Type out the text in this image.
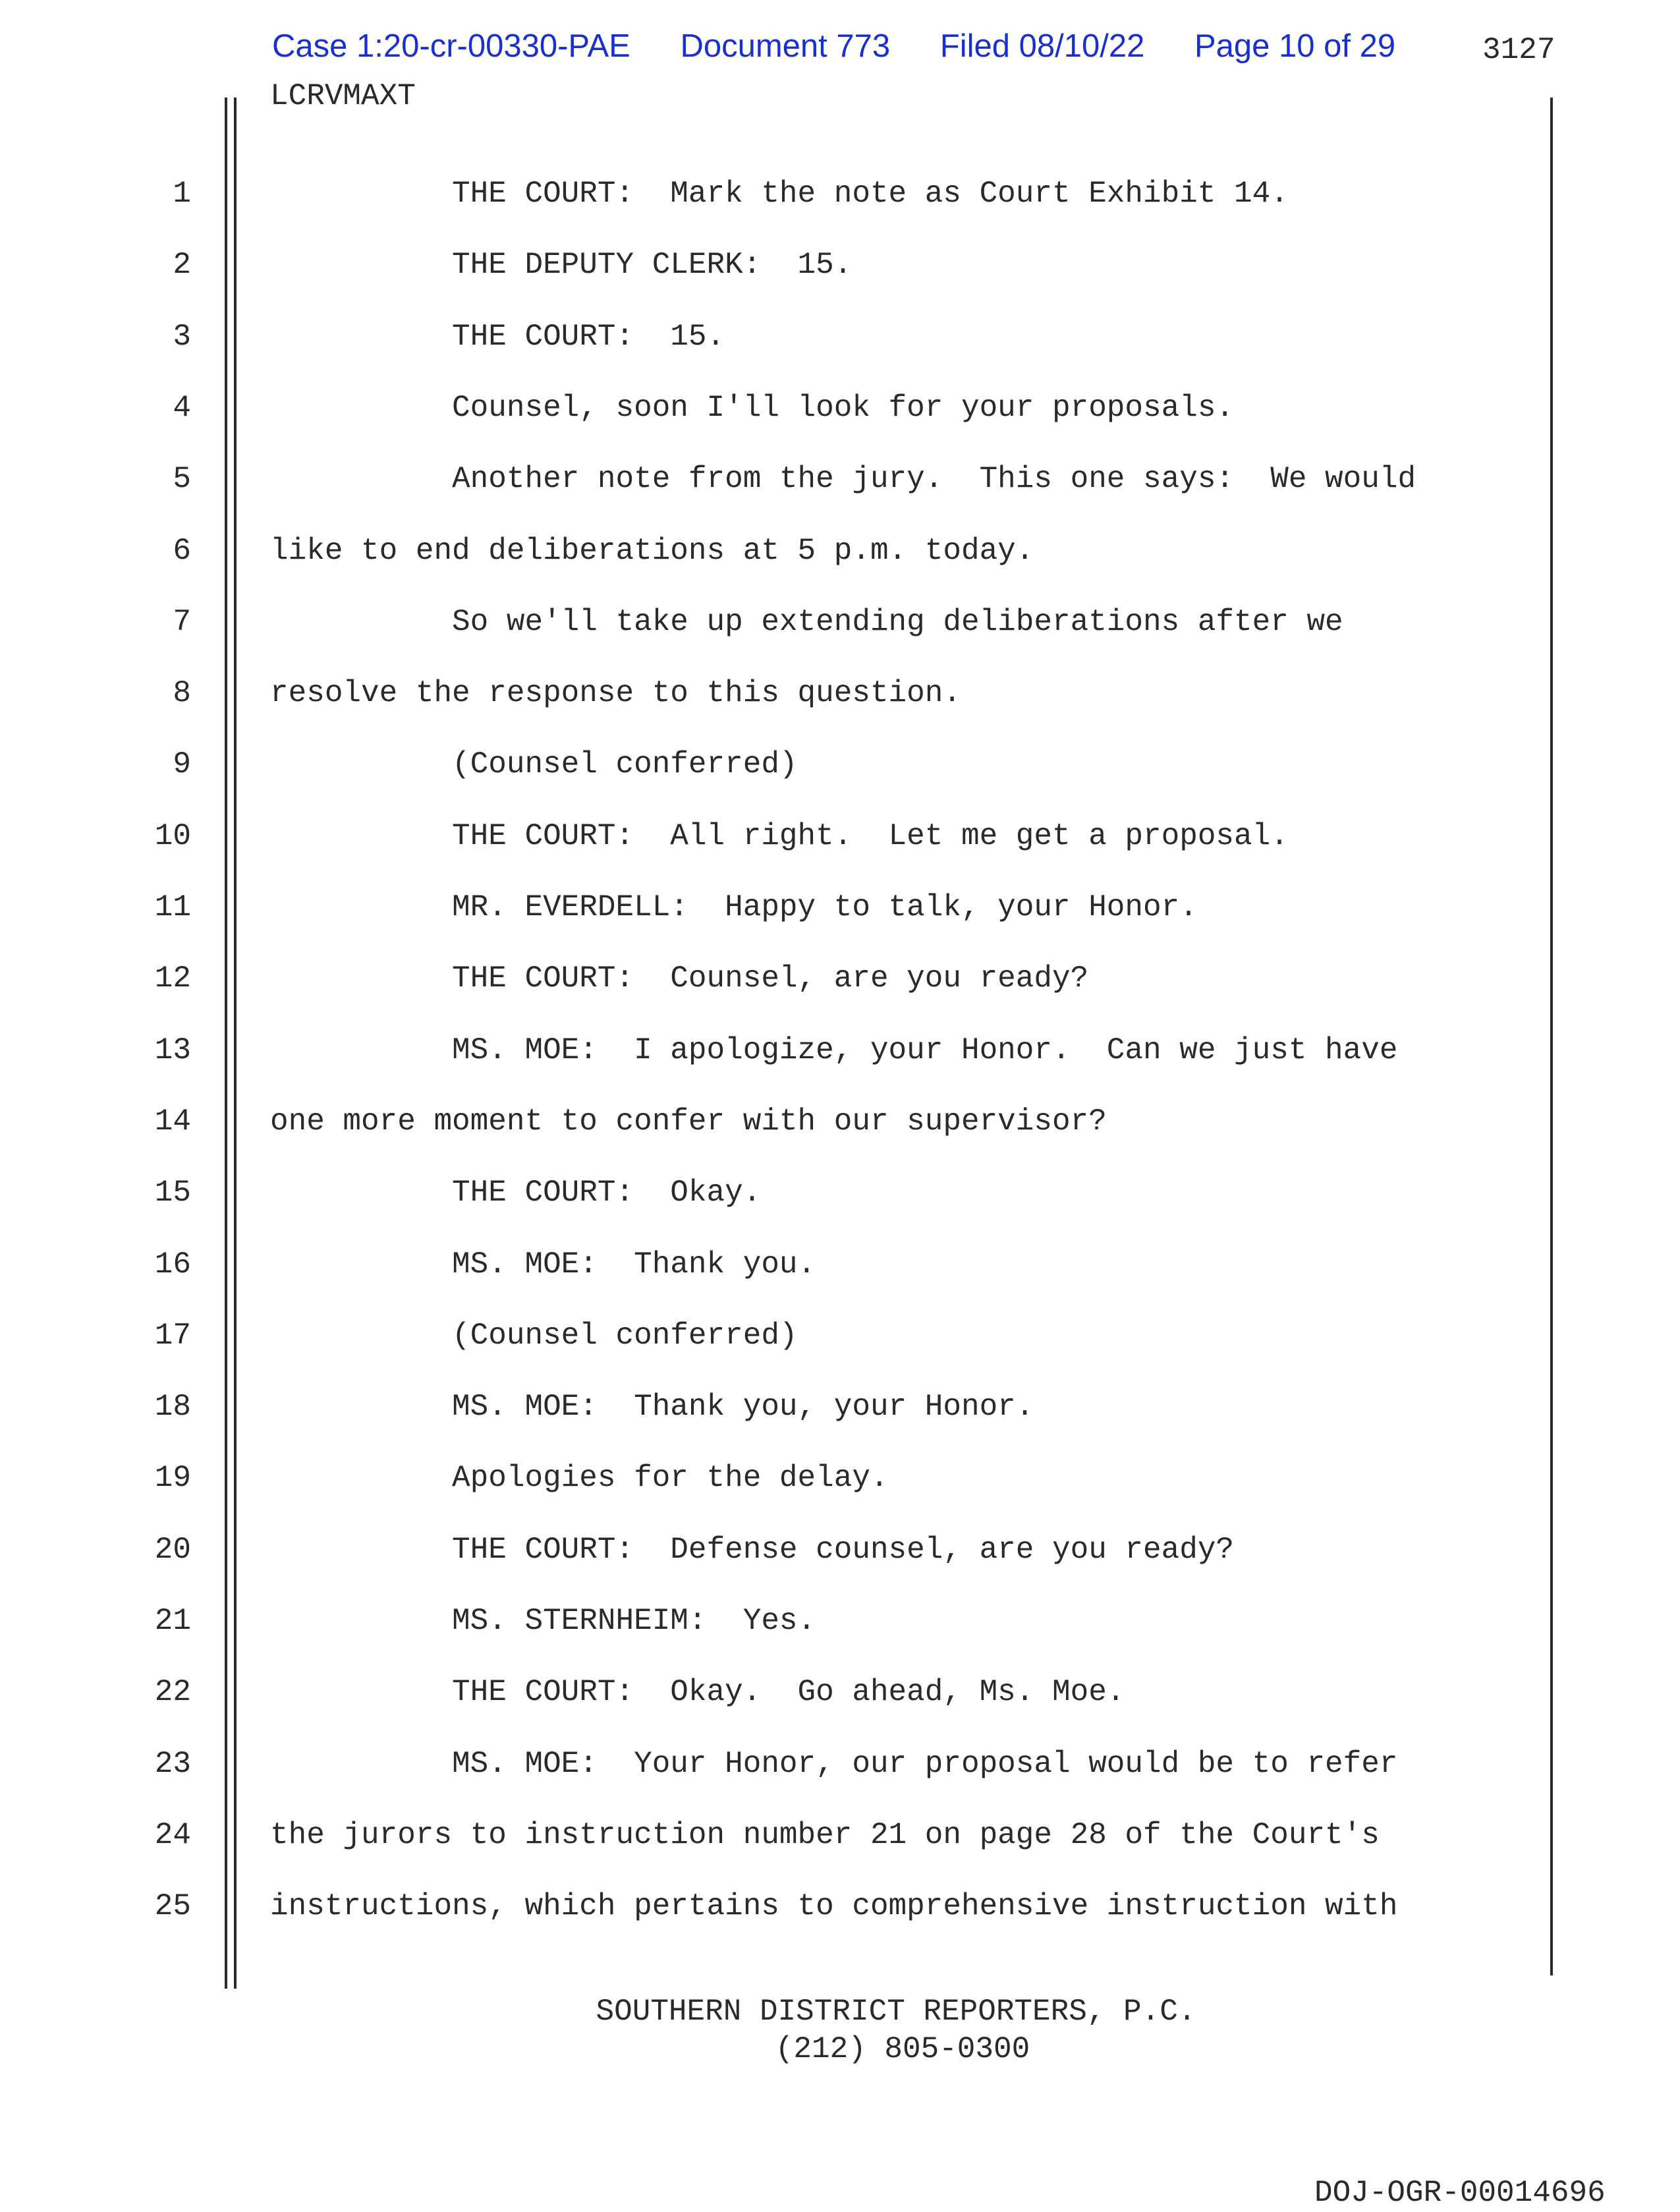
Case 1:20-cr-00330-PAE Document 773 Filed 08/10/22 Page 10 of 29	3127
LCRVMAXT
1	THE COURT:  Mark the note as Court Exhibit 14.
2	THE DEPUTY CLERK:  15.
3	THE COURT:  15.
4	Counsel, soon I'll look for your proposals.
5	Another note from the jury.  This one says:  We would
6	like to end deliberations at 5 p.m. today.
7	So we'll take up extending deliberations after we
8	resolve the response to this question.
9	(Counsel conferred)
10	THE COURT:  All right.  Let me get a proposal.
11	MR. EVERDELL:  Happy to talk, your Honor.
12	THE COURT:  Counsel, are you ready?
13	MS. MOE:  I apologize, your Honor.  Can we just have
14	one more moment to confer with our supervisor?
15	THE COURT:  Okay.
16	MS. MOE:  Thank you.
17	(Counsel conferred)
18	MS. MOE:  Thank you, your Honor.
19	Apologies for the delay.
20	THE COURT:  Defense counsel, are you ready?
21	MS. STERNHEIM:  Yes.
22	THE COURT:  Okay.  Go ahead, Ms. Moe.
23	MS. MOE:  Your Honor, our proposal would be to refer
24	the jurors to instruction number 21 on page 28 of the Court's
25	instructions, which pertains to comprehensive instruction with
SOUTHERN DISTRICT REPORTERS, P.C.
(212) 805-0300
DOJ-OGR-00014696
